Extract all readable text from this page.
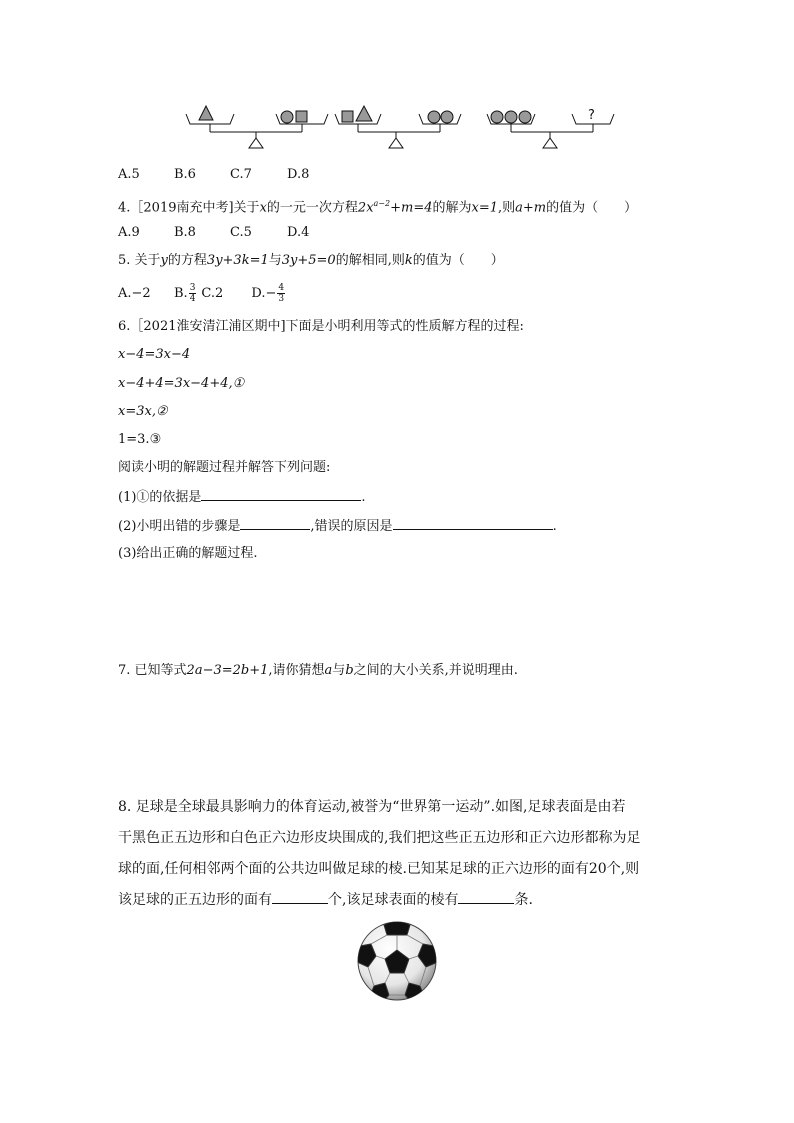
?
A.5	B.6	C.7	D.8
4.［2019南充中考]关于x的一元一次方程$2x^{a-2}+m=4$的解为x=1,则a+m的值为（　　）
A.9	B.8	C.5	D.4
5. 关于y的方程3y+3k=1与3y+5=0的解相同,则k的值为（　　）
A.−2 B. $\frac{3}{4} C.2$ $D.- \frac{4}{3}$
6.［2021淮安清江浦区期中]下面是小明利用等式的性质解方程的过程:
x−4=3x−4
x−4+4=3x−4+4,①
x=3x,②
1=3.③
阅读小明的解题过程并解答下列问题:
(1)①的依据是	.
(2)小明出错的步骤是	,错误的原因是	.
(3)给出正确的解题过程.
7. 已知等式2a−3=2b+1,请你猜想a与b之间的大小关系,并说明理由.
8. 足球是全球最具影响力的体育运动,被誉为“世界第一运动”.如图,足球表面是由若
干黑色正五边形和白色正六边形皮块围成的,我们把这些正五边形和正六边形都称为足
球的面,任何相邻两个面的公共边叫做足球的棱.已知某足球的正六边形的面有20个,则
该足球的正五边形的面有	个,该足球表面的棱有	条.
